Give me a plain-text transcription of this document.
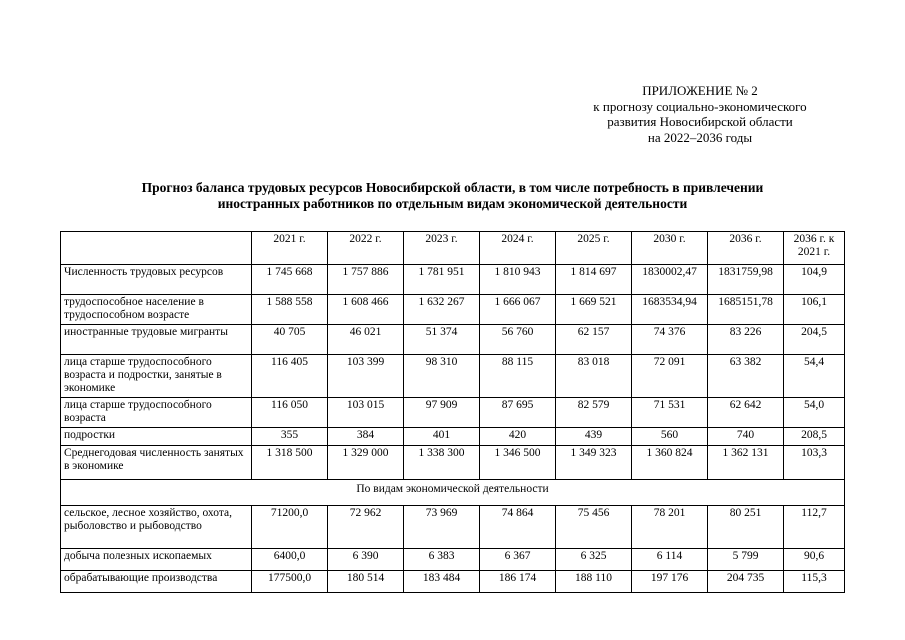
ПРИЛОЖЕНИЕ № 2
к прогнозу социально-экономического
развития Новосибирской области
на 2022–2036 годы
Прогноз баланса трудовых ресурсов Новосибирской области, в том числе потребность в привлечении
иностранных работников по отдельным видам экономической деятельности
	2021 г.	2022 г.	2023 г.	2024 г.	2025 г.	2030 г.	2036 г.	2036 г. к 2021 г.
Численность трудовых ресурсов	1 745 668	1 757 886	1 781 951	1 810 943	1 814 697	1830002,47	1831759,98	104,9
трудоспособное население в трудоспособном возрасте	1 588 558	1 608 466	1 632 267	1 666 067	1 669 521	1683534,94	1685151,78	106,1
иностранные трудовые мигранты	40 705	46 021	51 374	56 760	62 157	74 376	83 226	204,5
лица старше трудоспособного возраста и подростки, занятые в экономике	116 405	103 399	98 310	88 115	83 018	72 091	63 382	54,4
лица старше трудоспособного возраста	116 050	103 015	97 909	87 695	82 579	71 531	62 642	54,0
подростки	355	384	401	420	439	560	740	208,5
Среднегодовая численность занятых в экономике	1 318 500	1 329 000	1 338 300	1 346 500	1 349 323	1 360 824	1 362 131	103,3
По видам экономической деятельности								
сельское, лесное хозяйство, охота, рыболовство и рыбоводство	71200,0	72 962	73 969	74 864	75 456	78 201	80 251	112,7
добыча полезных ископаемых	6400,0	6 390	6 383	6 367	6 325	6 114	5 799	90,6
обрабатывающие производства	177500,0	180 514	183 484	186 174	188 110	197 176	204 735	115,3
